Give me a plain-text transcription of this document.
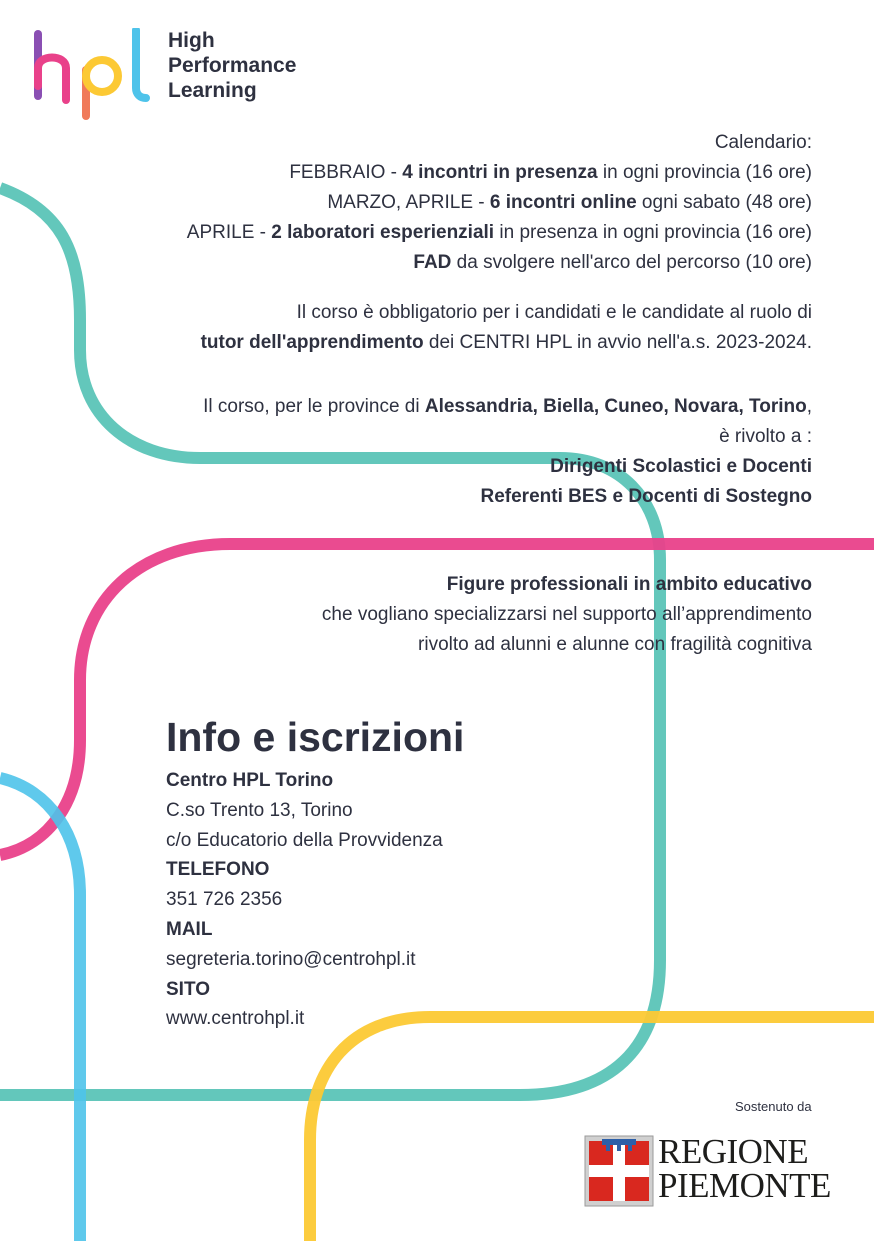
High
Performance
Learning

Calendario:
FEBBRAIO - 4 incontri in presenza in ogni provincia (16 ore)
MARZO, APRILE - 6 incontri online ogni sabato (48 ore)
APRILE - 2 laboratori esperienziali in presenza in ogni provincia (16 ore)
FAD da svolgere nell'arco del percorso (10 ore)
Il corso è obbligatorio per i candidati e le candidate al ruolo di
tutor dell'apprendimento dei CENTRI HPL in avvio nell'a.s. 2023-2024.
Il corso, per le province di Alessandria, Biella, Cuneo, Novara, Torino,
è rivolto a :
Dirigenti Scolastici e Docenti
Referenti BES e Docenti di Sostegno
Figure professionali in ambito educativo
che vogliano specializzarsi nel supporto all’apprendimento
rivolto ad alunni e alunne con fragilità cognitiva
Info e iscrizioni
Centro HPL Torino
C.so Trento 13, Torino
c/o Educatorio della Provvidenza
TELEFONO
351 726 2356
MAIL
segreteria.torino@centrohpl.it
SITO
www.centrohpl.it
Sostenuto da

REGIONE
PIEMONTE
